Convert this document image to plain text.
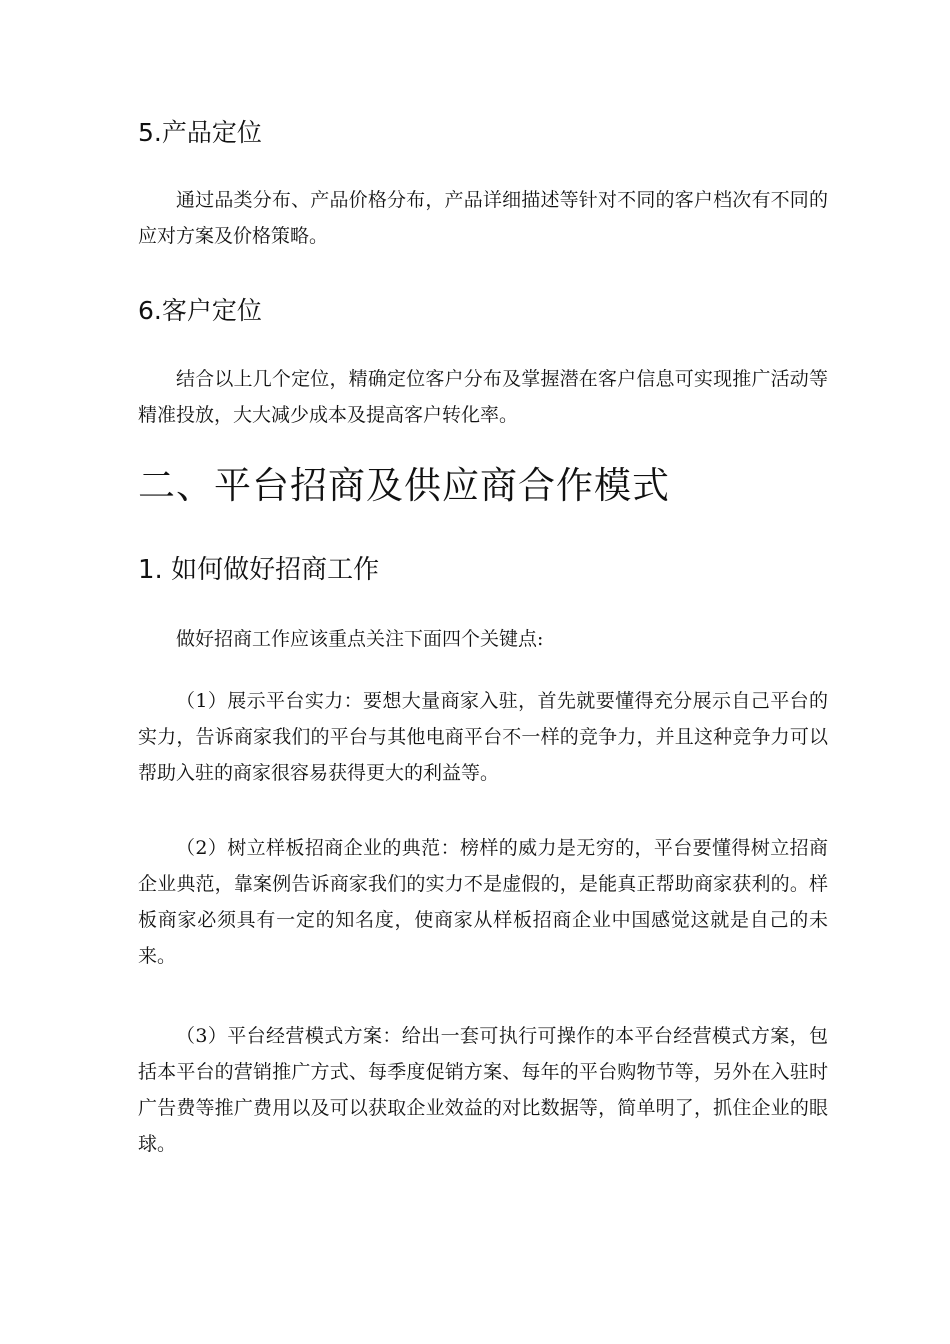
5.产品定位

通过品类分布、产品价格分布，产品详细描述等针对不同的客户档次有不同的应对方案及价格策略。

6.客户定位

结合以上几个定位，精确定位客户分布及掌握潜在客户信息可实现推广活动等精准投放，大大减少成本及提高客户转化率。

二、平台招商及供应商合作模式
1. 如何做好招商工作

做好招商工作应该重点关注下面四个关键点:

（1）展示平台实力：要想大量商家入驻，首先就要懂得充分展示自己平台的实力，告诉商家我们的平台与其他电商平台不一样的竞争力，并且这种竞争力可以帮助入驻的商家很容易获得更大的利益等。

（2）树立样板招商企业的典范：榜样的威力是无穷的，平台要懂得树立招商企业典范，靠案例告诉商家我们的实力不是虚假的，是能真正帮助商家获利的。样板商家必须具有一定的知名度，使商家从样板招商企业中国感觉这就是自己的未来。

（3）平台经营模式方案：给出一套可执行可操作的本平台经营模式方案，包括本平台的营销推广方式、每季度促销方案、每年的平台购物节等，另外在入驻时广告费等推广费用以及可以获取企业效益的对比数据等，简单明了，抓住企业的眼球。
